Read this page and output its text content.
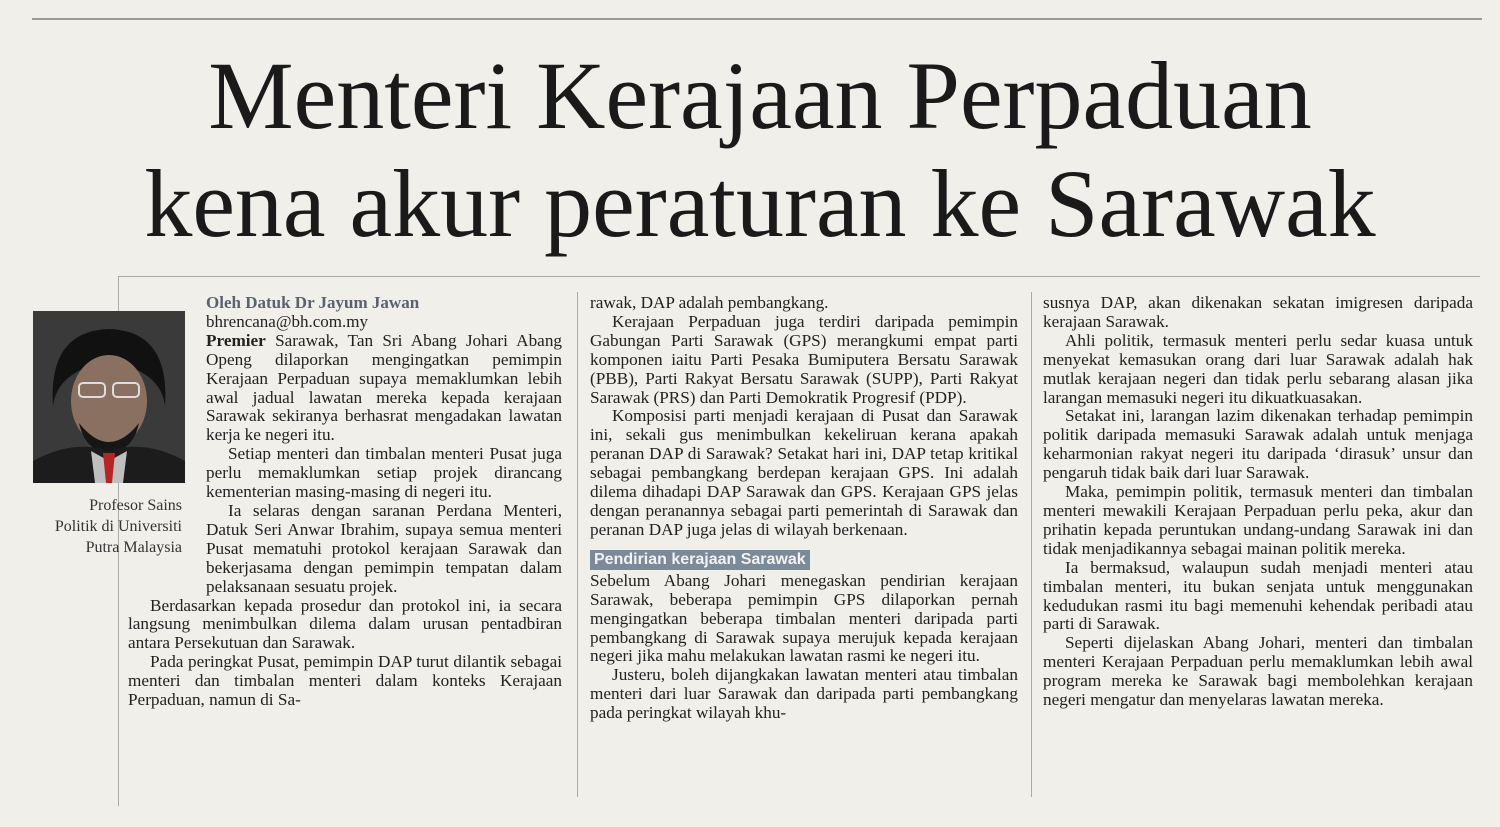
Menteri Kerajaan Perpaduan
kena akur peraturan ke Sarawak
Profesor Sains
Politik di Universiti
Putra Malaysia
Oleh Datuk Dr Jayum Jawan
bhrencana@bh.com.my

Premier Sarawak, Tan Sri Abang Johari Abang Openg dilaporkan mengingatkan pemimpin Kerajaan Perpaduan supaya memaklumkan lebih awal jadual lawatan mereka kepada kerajaan Sarawak sekiranya berhasrat mengadakan lawatan kerja ke negeri itu.

Setiap menteri dan timbalan menteri Pusat juga perlu memaklumkan setiap projek dirancang kementerian masing-masing di negeri itu.

Ia selaras dengan saranan Perdana Menteri, Datuk Seri Anwar Ibrahim, supaya semua menteri Pusat mematuhi protokol kerajaan Sarawak dan bekerjasama dengan pemimpin tempatan dalam pelaksanaan sesuatu projek.

Berdasarkan kepada prosedur dan protokol ini, ia secara langsung menimbulkan dilema dalam urusan pentadbiran antara Persekutuan dan Sarawak.

Pada peringkat Pusat, pemimpin DAP turut dilantik sebagai menteri dan timbalan menteri dalam konteks Kerajaan Perpaduan, namun di Sa-

rawak, DAP adalah pembangkang.

Kerajaan Perpaduan juga terdiri daripada pemimpin Gabungan Parti Sarawak (GPS) merangkumi empat parti komponen iaitu Parti Pesaka Bumiputera Bersatu Sarawak (PBB), Parti Rakyat Bersatu Sarawak (SUPP), Parti Rakyat Sarawak (PRS) dan Parti Demokratik Progresif (PDP).

Komposisi parti menjadi kerajaan di Pusat dan Sarawak ini, sekali gus menimbulkan kekeliruan kerana apakah peranan DAP di Sarawak? Setakat hari ini, DAP tetap kritikal sebagai pembangkang berdepan kerajaan GPS. Ini adalah dilema dihadapi DAP Sarawak dan GPS. Kerajaan GPS jelas dengan peranannya sebagai parti pemerintah di Sarawak dan peranan DAP juga jelas di wilayah berkenaan.

Pendirian kerajaan Sarawak

Sebelum Abang Johari menegaskan pendirian kerajaan Sarawak, beberapa pemimpin GPS dilaporkan pernah mengingatkan beberapa timbalan menteri daripada parti pembangkang di Sarawak supaya merujuk kepada kerajaan negeri jika mahu melakukan lawatan rasmi ke negeri itu.

Justeru, boleh dijangkakan lawatan menteri atau timbalan menteri dari luar Sarawak dan daripada parti pembangkang pada peringkat wilayah khu-

susnya DAP, akan dikenakan sekatan imigresen daripada kerajaan Sarawak.

Ahli politik, termasuk menteri perlu sedar kuasa untuk menyekat kemasukan orang dari luar Sarawak adalah hak mutlak kerajaan negeri dan tidak perlu sebarang alasan jika larangan memasuki negeri itu dikuatkuasakan.

Setakat ini, larangan lazim dikenakan terhadap pemimpin politik daripada memasuki Sarawak adalah untuk menjaga keharmonian rakyat negeri itu daripada ‘dirasuk’ unsur dan pengaruh tidak baik dari luar Sarawak.

Maka, pemimpin politik, termasuk menteri dan timbalan menteri mewakili Kerajaan Perpaduan perlu peka, akur dan prihatin kepada peruntukan undang-undang Sarawak ini dan tidak menjadikannya sebagai mainan politik mereka.

Ia bermaksud, walaupun sudah menjadi menteri atau timbalan menteri, itu bukan senjata untuk menggunakan kedudukan rasmi itu bagi memenuhi kehendak peribadi atau parti di Sarawak.

Seperti dijelaskan Abang Johari, menteri dan timbalan menteri Kerajaan Perpaduan perlu memaklumkan lebih awal program mereka ke Sarawak bagi membolehkan kerajaan negeri mengatur dan menyelaras lawatan mereka.
